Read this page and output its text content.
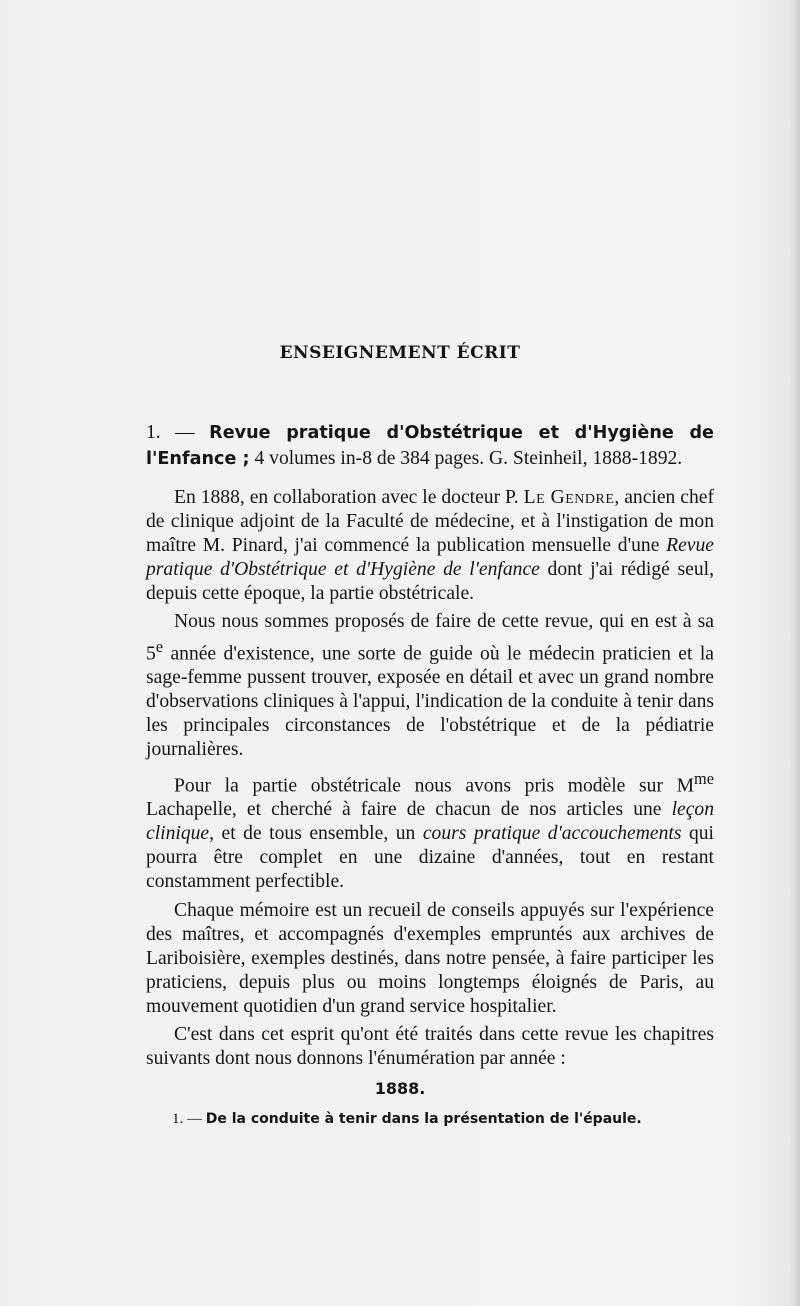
ENSEIGNEMENT ÉCRIT

1. — Revue pratique d'Obstétrique et d'Hygiène de l'Enfance ; 4 volumes in-8 de 384 pages. G. Steinheil, 1888-1892.

En 1888, en collaboration avec le docteur P. Le Gendre, ancien chef de clinique adjoint de la Faculté de médecine, et à l'instigation de mon maître M. Pinard, j'ai commencé la publication mensuelle d'une Revue pratique d'Obstétrique et d'Hygiène de l'enfance dont j'ai rédigé seul, depuis cette époque, la partie obstétricale.

Nous nous sommes proposés de faire de cette revue, qui en est à sa 5e année d'existence, une sorte de guide où le médecin praticien et la sage-femme pussent trouver, exposée en détail et avec un grand nombre d'observations cliniques à l'appui, l'indication de la conduite à tenir dans les principales circonstances de l'obstétrique et de la pédiatrie journalières.

Pour la partie obstétricale nous avons pris modèle sur $M^{me}$ Lachapelle, et cherché à faire de chacun de nos articles une leçon clinique, et de tous ensemble, un cours pratique d'accouchements qui pourra être complet en une dizaine d'années, tout en restant constamment perfectible.

Chaque mémoire est un recueil de conseils appuyés sur l'expérience des maîtres, et accompagnés d'exemples empruntés aux archives de Lariboisière, exemples destinés, dans notre pensée, à faire participer les praticiens, depuis plus ou moins longtemps éloignés de Paris, au mouvement quotidien d'un grand service hospitalier.

C'est dans cet esprit qu'ont été traités dans cette revue les chapitres suivants dont nous donnons l'énumération par année :

1888.
1. — De la conduite à tenir dans la présentation de l'épaule.
